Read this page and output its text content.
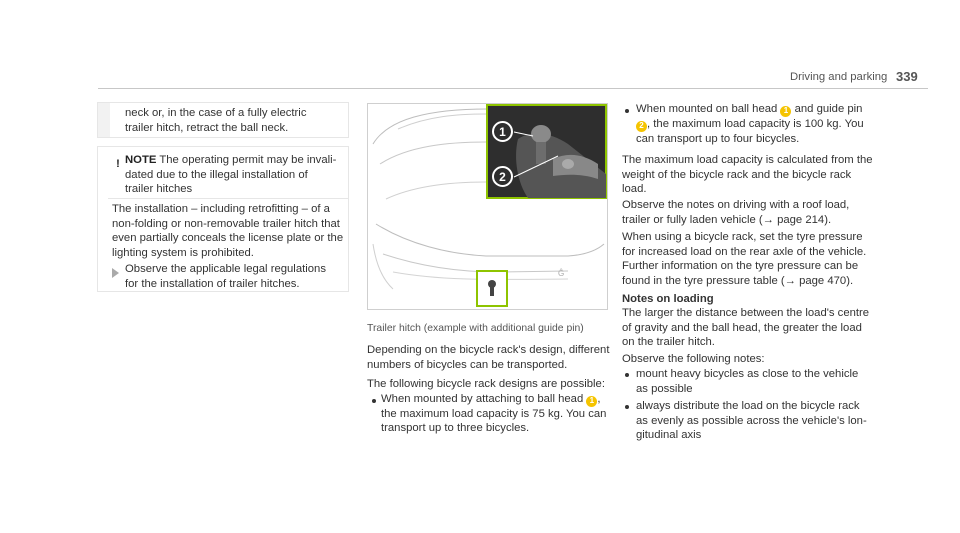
Driving and parking 339
neck or, in the case of a fully electric
trailer hitch, retract the ball neck.
! NOTE The operating permit may be invali-
dated due to the illegal installation of
trailer hitches
The installation – including retrofitting – of a
non-folding or non-removable trailer hitch that
even partially conceals the license plate or the
lighting system is prohibited.
Observe the applicable legal regulations
for the installation of trailer hitches.
Ĝ
1
2
Trailer hitch (example with additional guide pin)
Depending on the bicycle rack's design, different
numbers of bicycles can be transported.
The following bicycle rack designs are possible:
When mounted by attaching to ball head 1 ,
the maximum load capacity is 75 kg. You can
transport up to three bicycles.
When mounted on ball head 1 and guide pin
2 , the maximum load capacity is 100 kg. You
can transport up to four bicycles.
The maximum load capacity is calculated from the
weight of the bicycle rack and the bicycle rack
load.
Observe the notes on driving with a roof load,
trailer or fully laden vehicle (→ page 214).
When using a bicycle rack, set the tyre pressure
for increased load on the rear axle of the vehicle.
Further information on the tyre pressure can be
found in the tyre pressure table (→ page 470).
Notes on loading
The larger the distance between the load's centre
of gravity and the ball head, the greater the load
on the trailer hitch.
Observe the following notes:
mount heavy bicycles as close to the vehicle
as possible
always distribute the load on the bicycle rack
as evenly as possible across the vehicle's lon-
gitudinal axis
